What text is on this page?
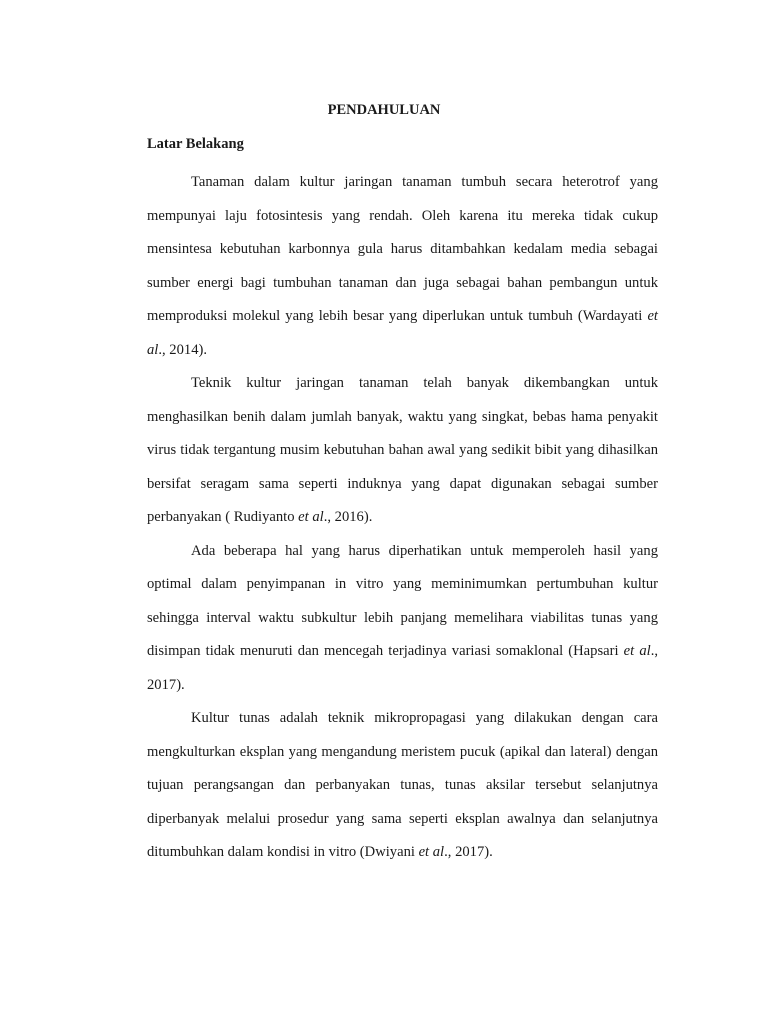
PENDAHULUAN
Latar Belakang

Tanaman dalam kultur jaringan tanaman tumbuh secara heterotrof yang mempunyai laju fotosintesis yang rendah. Oleh karena itu mereka tidak cukup mensintesa kebutuhan karbonnya gula harus ditambahkan kedalam media sebagai sumber energi bagi tumbuhan tanaman dan juga sebagai bahan pembangun untuk memproduksi molekul yang lebih besar yang diperlukan untuk tumbuh (Wardayati et al., 2014).

Teknik kultur jaringan tanaman telah banyak dikembangkan untuk menghasilkan benih dalam jumlah banyak, waktu yang singkat, bebas hama penyakit virus tidak tergantung musim kebutuhan bahan awal yang sedikit bibit yang dihasilkan bersifat seragam sama seperti induknya yang dapat digunakan sebagai sumber perbanyakan ( Rudiyanto et al., 2016).

Ada beberapa hal yang harus diperhatikan untuk memperoleh hasil yang optimal dalam penyimpanan in vitro yang meminimumkan pertumbuhan kultur sehingga interval waktu subkultur lebih panjang memelihara viabilitas tunas yang disimpan tidak menuruti dan mencegah terjadinya variasi somaklonal (Hapsari et al., 2017).

Kultur tunas adalah teknik mikropropagasi yang dilakukan dengan cara mengkulturkan eksplan yang mengandung meristem pucuk (apikal dan lateral) dengan tujuan perangsangan dan perbanyakan tunas, tunas aksilar tersebut selanjutnya diperbanyak melalui prosedur yang sama seperti eksplan awalnya dan selanjutnya ditumbuhkan dalam kondisi in vitro (Dwiyani et al., 2017).
